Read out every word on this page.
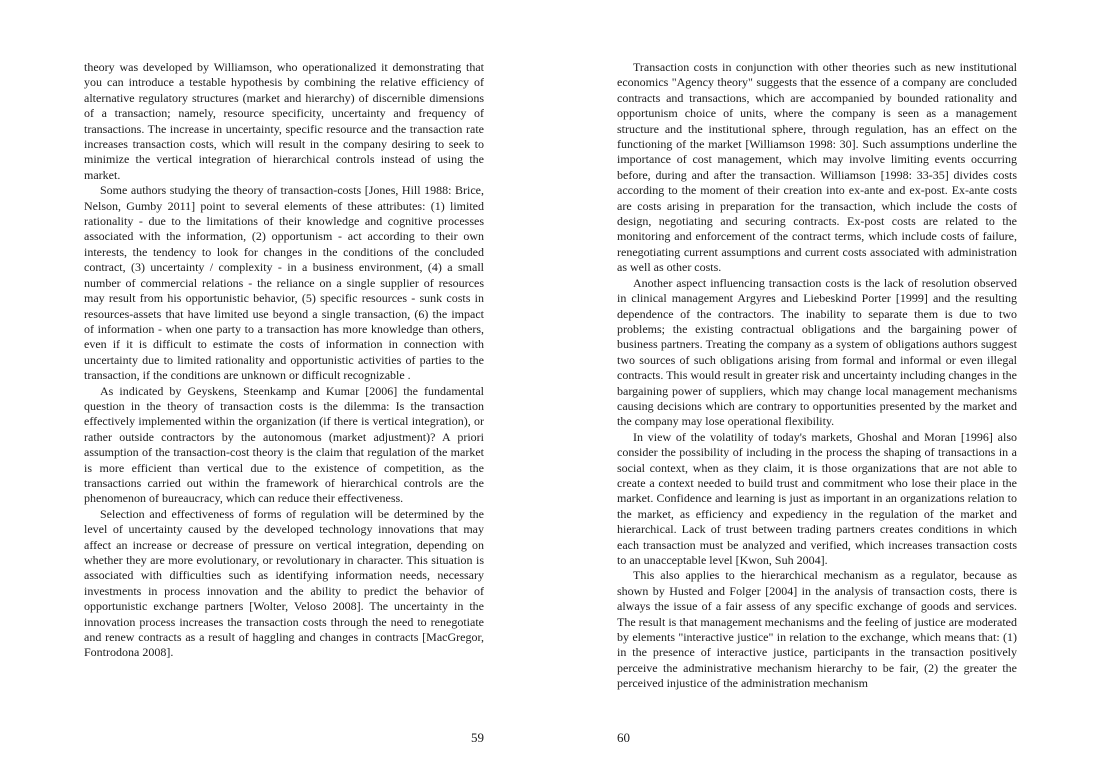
theory was developed by Williamson, who operationalized it demonstrating that you can introduce a testable hypothesis by combining the relative efficiency of alternative regulatory structures (market and hierarchy) of discernible dimensions of a transaction; namely, resource specificity, uncertainty and frequency of transactions. The increase in uncertainty, specific resource and the transaction rate increases transaction costs, which will result in the company desiring to seek to minimize the vertical integration of hierarchical controls instead of using the market.

Some authors studying the theory of transaction-costs [Jones, Hill 1988: Brice, Nelson, Gumby 2011] point to several elements of these attributes: (1) limited rationality - due to the limitations of their knowledge and cognitive processes associated with the information, (2) opportunism - act according to their own interests, the tendency to look for changes in the conditions of the concluded contract, (3) uncertainty / complexity - in a business environment, (4) a small number of commercial relations - the reliance on a single supplier of resources may result from his opportunistic behavior, (5) specific resources - sunk costs in resources-assets that have limited use beyond a single transaction, (6) the impact of information - when one party to a transaction has more knowledge than others, even if it is difficult to estimate the costs of information in connection with uncertainty due to limited rationality and opportunistic activities of parties to the transaction, if the conditions are unknown or difficult recognizable .

As indicated by Geyskens, Steenkamp and Kumar [2006] the fundamental question in the theory of transaction costs is the dilemma: Is the transaction effectively implemented within the organization (if there is vertical integration), or rather outside contractors by the autonomous (market adjustment)? A priori assumption of the transaction-cost theory is the claim that regulation of the market is more efficient than vertical due to the existence of competition, as the transactions carried out within the framework of hierarchical controls are the phenomenon of bureaucracy, which can reduce their effectiveness.

Selection and effectiveness of forms of regulation will be determined by the level of uncertainty caused by the developed technology innovations that may affect an increase or decrease of pressure on vertical integration, depending on whether they are more evolutionary, or revolutionary in character. This situation is associated with difficulties such as identifying information needs, necessary investments in process innovation and the ability to predict the behavior of opportunistic exchange partners [Wolter, Veloso 2008]. The uncertainty in the innovation process increases the transaction costs through the need to renegotiate and renew contracts as a result of haggling and changes in contracts [MacGregor, Fontrodona 2008].

59

Transaction costs in conjunction with other theories such as new institutional economics "Agency theory" suggests that the essence of a company are concluded contracts and transactions, which are accompanied by bounded rationality and opportunism choice of units, where the company is seen as a management structure and the institutional sphere, through regulation, has an effect on the functioning of the market [Williamson 1998: 30]. Such assumptions underline the importance of cost management, which may involve limiting events occurring before, during and after the transaction. Williamson [1998: 33-35] divides costs according to the moment of their creation into ex-ante and ex-post. Ex-ante costs are costs arising in preparation for the transaction, which include the costs of design, negotiating and securing contracts. Ex-post costs are related to the monitoring and enforcement of the contract terms, which include costs of failure, renegotiating current assumptions and current costs associated with administration as well as other costs.

Another aspect influencing transaction costs is the lack of resolution observed in clinical management Argyres and Liebeskind Porter [1999] and the resulting dependence of the contractors. The inability to separate them is due to two problems; the existing contractual obligations and the bargaining power of business partners. Treating the company as a system of obligations authors suggest two sources of such obligations arising from formal and informal or even illegal contracts. This would result in greater risk and uncertainty including changes in the bargaining power of suppliers, which may change local management mechanisms causing decisions which are contrary to opportunities presented by the market and the company may lose operational flexibility.

In view of the volatility of today's markets, Ghoshal and Moran [1996] also consider the possibility of including in the process the shaping of transactions in a social context, when as they claim, it is those organizations that are not able to create a context needed to build trust and commitment who lose their place in the market. Confidence and learning is just as important in an organizations relation to the market, as efficiency and expediency in the regulation of the market and hierarchical. Lack of trust between trading partners creates conditions in which each transaction must be analyzed and verified, which increases transaction costs to an unacceptable level [Kwon, Suh 2004].

This also applies to the hierarchical mechanism as a regulator, because as shown by Husted and Folger [2004] in the analysis of transaction costs, there is always the issue of a fair assess of any specific exchange of goods and services. The result is that management mechanisms and the feeling of justice are moderated by elements "interactive justice" in relation to the exchange, which means that: (1) in the presence of interactive justice, participants in the transaction positively perceive the administrative mechanism hierarchy to be fair, (2) the greater the perceived injustice of the administration mechanism

60
